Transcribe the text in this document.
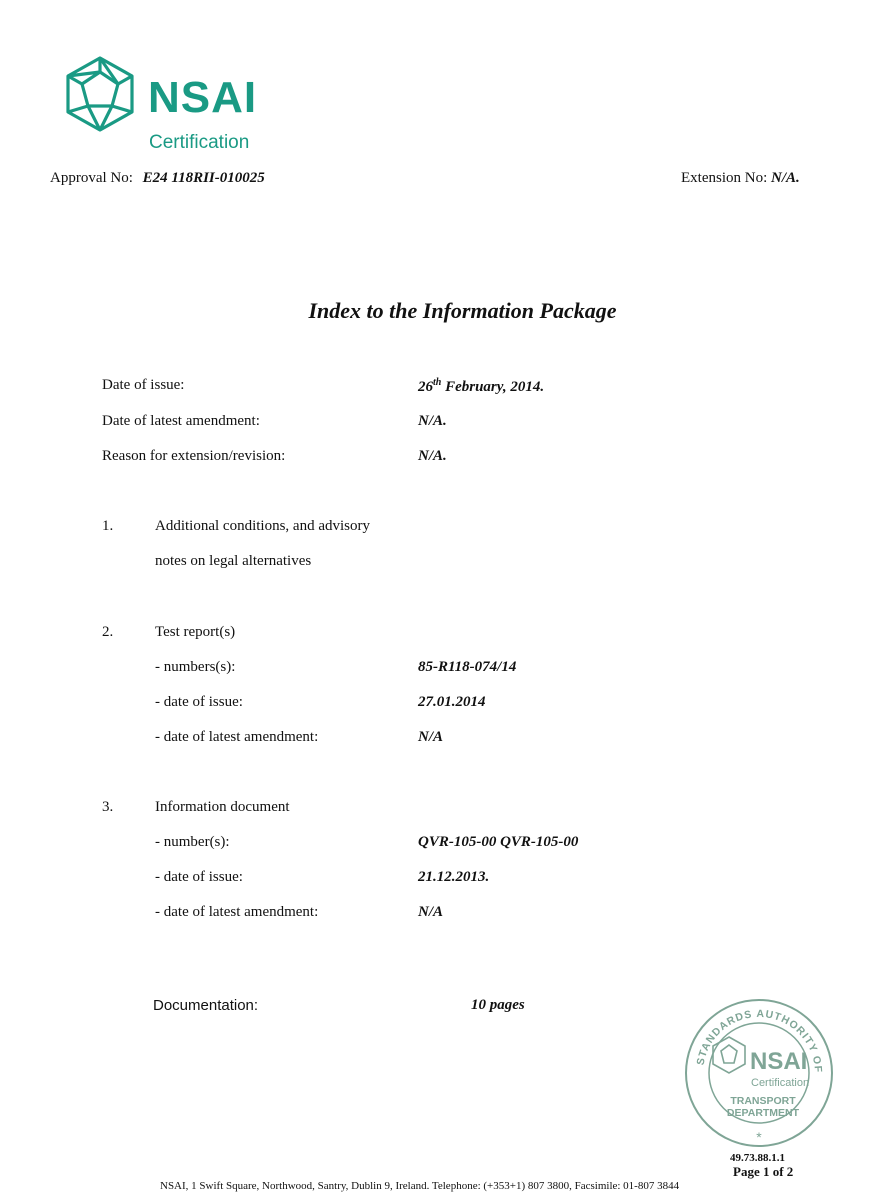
NSAI
Certification
Approval No: E24 118RII-010025	Extension No: N/A.
Index to the Information Package
Date of issue:	26th February, 2014.
Date of latest amendment:	N/A.
Reason for extension/revision:	N/A.
1.	Additional conditions, and advisory
notes on legal alternatives
2.	Test report(s)
- numbers(s):	85-R118-074/14
- date of issue:	27.01.2014
- date of latest amendment:	N/A
3.	Information document
- number(s):	QVR-105-00 QVR-105-00
- date of issue:	21.12.2013.
- date of latest amendment:	N/A
Documentation:	10 pages
STANDARDS AUTHORITY OF
NSAI
Certification
TRANSPORT
DEPARTMENT
*
49.73.88.1.1
Page 1 of 2
NSAI, 1 Swift Square, Northwood, Santry, Dublin 9, Ireland. Telephone: (+353+1) 807 3800, Facsimile: 01-807 3844
